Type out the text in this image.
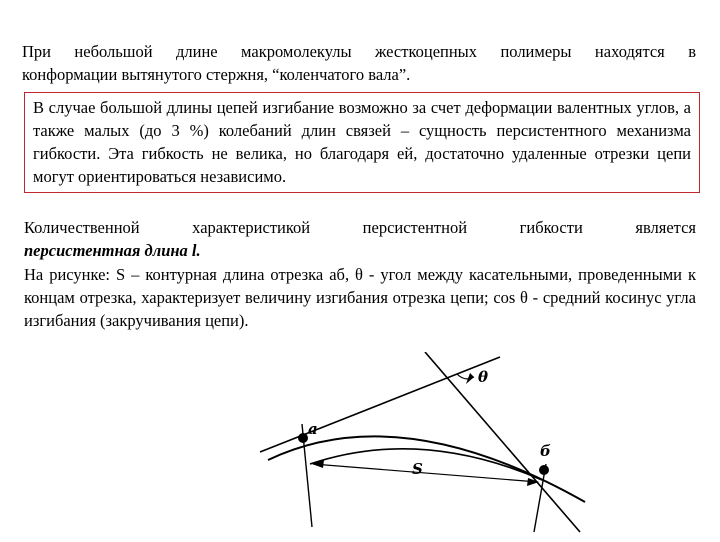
При небольшой длине макромолекулы жесткоцепных полимеры находятся в
конформации вытянутого стержня, “коленчатого вала”.

В случае большой длины цепей изгибание возможно за счет деформации валентных углов, а также малых (до 3 %) колебаний длин связей – сущность персистентного механизма гибкости. Эта гибкость не велика, но благодаря ей, достаточно удаленные отрезки цепи могут ориентироваться независимо.

Количественной характеристикой персистентной гибкости является
персистентная длина l.

На рисунке: S – контурная длина отрезка аб, θ - угол между касательными, проведенными к концам отрезка, характеризует величину изгибания отрезка цепи; cos θ - средний косинус угла изгибания (закручивания цепи).

θ
a
б
S
